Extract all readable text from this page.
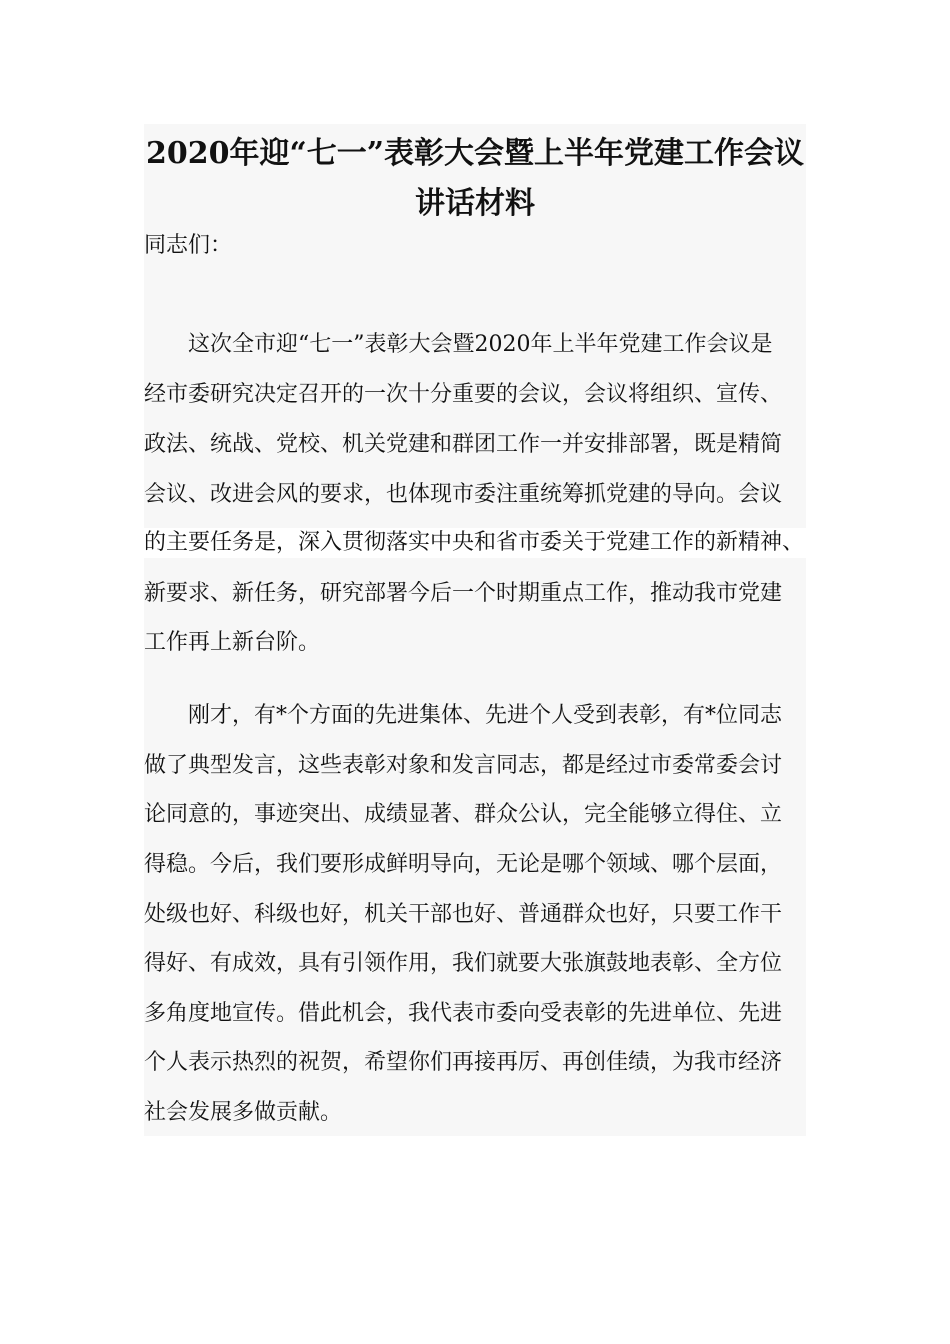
2020年迎“七一”表彰大会暨上半年党建工作会议
讲话材料

同志们：

这次全市迎“七一”表彰大会暨2020年上半年党建工作会议是

经市委研究决定召开的一次十分重要的会议，会议将组织、宣传、

政法、统战、党校、机关党建和群团工作一并安排部署，既是精简

会议、改进会风的要求，也体现市委注重统筹抓党建的导向。会议

的主要任务是，深入贯彻落实中央和省市委关于党建工作的新精神、

新要求、新任务，研究部署今后一个时期重点工作，推动我市党建

工作再上新台阶。

刚才，有*个方面的先进集体、先进个人受到表彰，有*位同志

做了典型发言，这些表彰对象和发言同志，都是经过市委常委会讨

论同意的，事迹突出、成绩显著、群众公认，完全能够立得住、立

得稳。今后，我们要形成鲜明导向，无论是哪个领域、哪个层面，

处级也好、科级也好，机关干部也好、普通群众也好，只要工作干

得好、有成效，具有引领作用，我们就要大张旗鼓地表彰、全方位

多角度地宣传。借此机会，我代表市委向受表彰的先进单位、先进

个人表示热烈的祝贺，希望你们再接再厉、再创佳绩，为我市经济

社会发展多做贡献。
